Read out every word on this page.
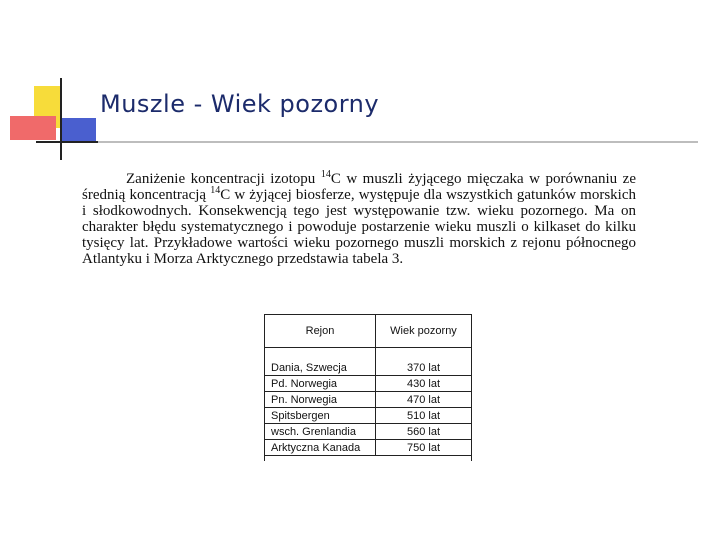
Muszle - Wiek pozorny

Zaniżenie koncentracji izotopu $^{14}$C w muszli żyjącego mięczaka w porównaniu ze średnią koncentracją $^{14}$C w żyjącej biosferze, występuje dla wszystkich gatunków morskich i słodkowodnych. Konsekwencją tego jest występowanie tzw. wieku pozornego. Ma on charakter błędu systematycznego i powoduje postarzenie wieku muszli o kilkaset do kilku tysięcy lat. Przykładowe wartości wieku pozornego muszli morskich z rejonu północnego Atlantyku i Morza Arktycznego przedstawia tabela 3.

Rejon	Wiek pozorny

Dania, Szwecja	370 lat
Pd. Norwegia	430 lat
Pn. Norwegia	470 lat
Spitsbergen	510 lat
wsch. Grenlandia	560 lat
Arktyczna Kanada	750 lat
